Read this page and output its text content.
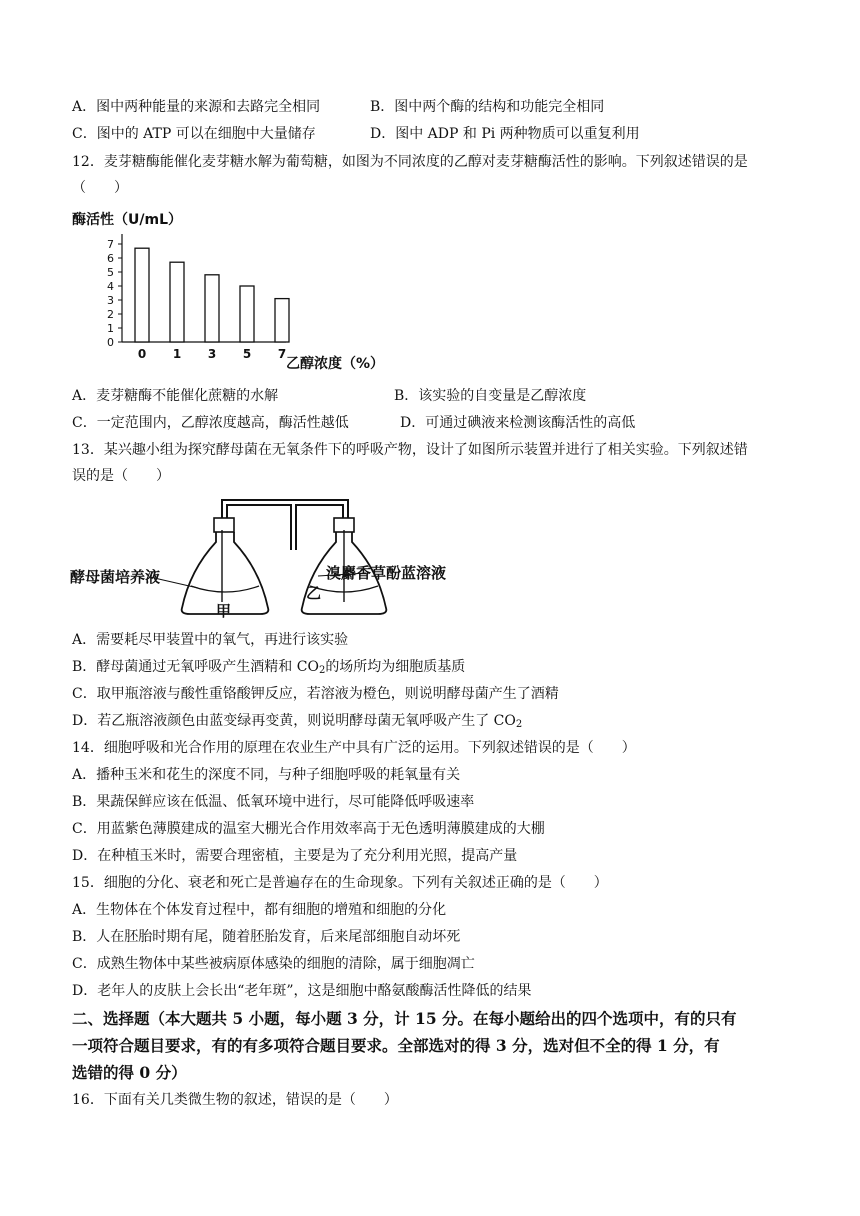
A．图中两种能量的来源和去路完全相同	B．图中两个酶的结构和功能完全相同
C．图中的 ATP 可以在细胞中大量储存	D．图中 ADP 和 Pi 两种物质可以重复利用
12．麦芽糖酶能催化麦芽糖水解为葡萄糖，如图为不同浓度的乙醇对麦芽糖酶活性的影响。下列叙述错误的是
（　　）
酶活性（U/mL）
0
1
2
3
4
5
6
7
0 1 3 5 7
乙醇浓度（%）
A．麦芽糖酶不能催化蔗糖的水解	B．该实验的自变量是乙醇浓度
C．一定范围内，乙醇浓度越高，酶活性越低	D．可通过碘液来检测该酶活性的高低
13．某兴趣小组为探究酵母菌在无氧条件下的呼吸产物，设计了如图所示装置并进行了相关实验。下列叙述错
误的是（　　）
酵母菌培养液	溴麝香草酚蓝溶液
甲
乙
A．需要耗尽甲装置中的氧气，再进行该实验
B．酵母菌通过无氧呼吸产生酒精和 $CO_2$的场所均为细胞质基质
C．取甲瓶溶液与酸性重铬酸钾反应，若溶液为橙色，则说明酵母菌产生了酒精
D．若乙瓶溶液颜色由蓝变绿再变黄，则说明酵母菌无氧呼吸产生了 $CO_2$
14．细胞呼吸和光合作用的原理在农业生产中具有广泛的运用。下列叙述错误的是（　　）
A．播种玉米和花生的深度不同，与种子细胞呼吸的耗氧量有关
B．果蔬保鲜应该在低温、低氧环境中进行，尽可能降低呼吸速率
C．用蓝紫色薄膜建成的温室大棚光合作用效率高于无色透明薄膜建成的大棚
D．在种植玉米时，需要合理密植，主要是为了充分利用光照，提高产量
15．细胞的分化、衰老和死亡是普遍存在的生命现象。下列有关叙述正确的是（　　）
A．生物体在个体发育过程中，都有细胞的增殖和细胞的分化
B．人在胚胎时期有尾，随着胚胎发育，后来尾部细胞自动坏死
C．成熟生物体中某些被病原体感染的细胞的清除，属于细胞凋亡
D．老年人的皮肤上会长出“老年斑”，这是细胞中酪氨酸酶活性降低的结果
二、选择题（本大题共 5 小题，每小题 3 分，计 15 分。在每小题给出的四个选项中，有的只有
一项符合题目要求，有的有多项符合题目要求。全部选对的得 3 分，选对但不全的得 1 分，有
选错的得 0 分）
16．下面有关几类微生物的叙述，错误的是（　　）
